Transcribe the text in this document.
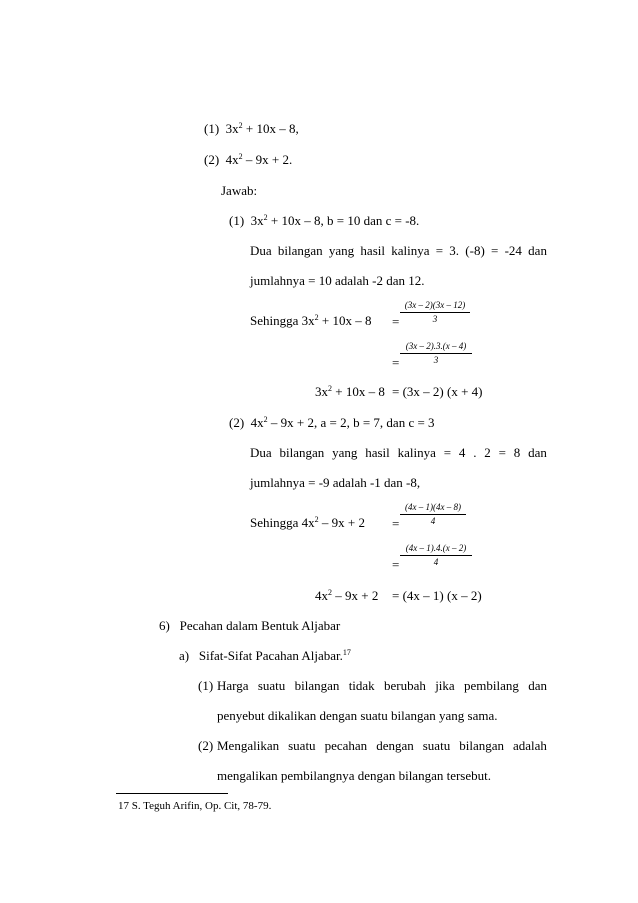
(1) $3x^2 + 10x - 8$,
(2) $4x^2 - 9x + 2$.
Jawab:
(1) $3x^2 + 10x - 8$, b = 10 dan c = -8.
Dua bilangan yang hasil kalinya = 3. (-8) = -24 dan
jumlahnya = 10 adalah -2 dan 12.
Sehingga $3x^2 + 10x - 8$ =
(3x – 2)(3x – 12)
3
=
(3x – 2).3.(x – 4)
3
$3x^2 + 10x - 8 = (3x - 2) (x + 4)$
(2) $4x^2 - 9x + 2$, a = 2, b = 7, dan c = 3
Dua bilangan yang hasil kalinya = 4 . 2 = 8 dan
jumlahnya = -9 adalah -1 dan -8,
Sehingga $4x^2 - 9x + 2$ =
(4x – 1)(4x – 8)
4
=
(4x – 1).4.(x – 2)
4
$4x^2 - 9x + 2 = (4x - 1)$ (x – 2)
6) Pecahan dalam Bentuk Aljabar
a) Sifat-Sifat Pacahan Aljabar.$^{17}$
(1) Harga suatu bilangan tidak berubah jika pembilang dan
penyebut dikalikan dengan suatu bilangan yang sama.
(2) Mengalikan suatu pecahan dengan suatu bilangan adalah
mengalikan pembilangnya dengan bilangan tersebut.
17 S. Teguh Arifin, Op. Cit, 78-79.
